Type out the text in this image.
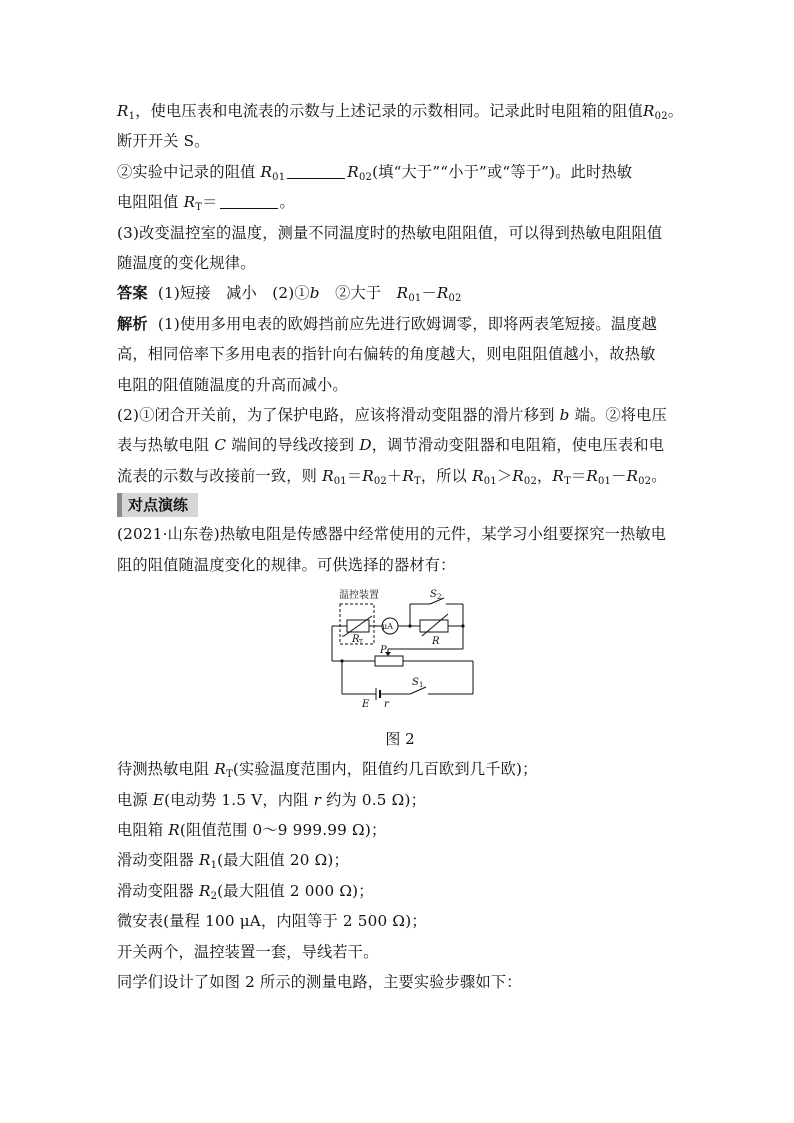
$R_1$，使电压表和电流表的示数与上述记录的示数相同。记录此时电阻箱的阻值$R_{02}$。
断开开关 S。
②实验中记录的阻值 $R_{01}$	$R_{02}$(填“大于”“小于”或“等于”)。此时热敏
电阻阻值 $R_T=$	。
(3)改变温控室的温度，测量不同温度时的热敏电阻阻值，可以得到热敏电阻阻值
随温度的变化规律。
答案 (1)短接　减小　(2)①b　②大于　$R_{01}-R_{02}$
解析 (1)使用多用电表的欧姆挡前应先进行欧姆调零，即将两表笔短接。温度越
高，相同倍率下多用电表的指针向右偏转的角度越大，则电阻阻值越小，故热敏
电阻的阻值随温度的升高而减小。
(2)①闭合开关前，为了保护电路，应该将滑动变阻器的滑片移到 b 端。②将电压
表与热敏电阻 C 端间的导线改接到 D，调节滑动变阻器和电阻箱，使电压表和电
流表的示数与改接前一致，则 $R_{01}=R_{02}+R_T$，所以 $R_{01}>R_{02}$，$R_T=R_{01}-R_{02}$。
对点演练
(2021·山东卷)热敏电阻是传感器中经常使用的元件，某学习小组要探究一热敏电
阻的阻值随温度变化的规律。可供选择的器材有：
温控装置	S 2
R T
μA
R
P
S 1
E r
图 2
待测热敏电阻 $R_T$(实验温度范围内，阻值约几百欧到几千欧)；
电源 E(电动势 1.5 V，内阻 r 约为 0.5 Ω)；
电阻箱 R(阻值范围 0～9 999.99 Ω)；
滑动变阻器 $R_1$(最大阻值 20 Ω)；
滑动变阻器 $R_2$(最大阻值 2 000 Ω)；
微安表(量程 100 μA，内阻等于 2 500 Ω)；
开关两个，温控装置一套，导线若干。
同学们设计了如图 2 所示的测量电路，主要实验步骤如下：
